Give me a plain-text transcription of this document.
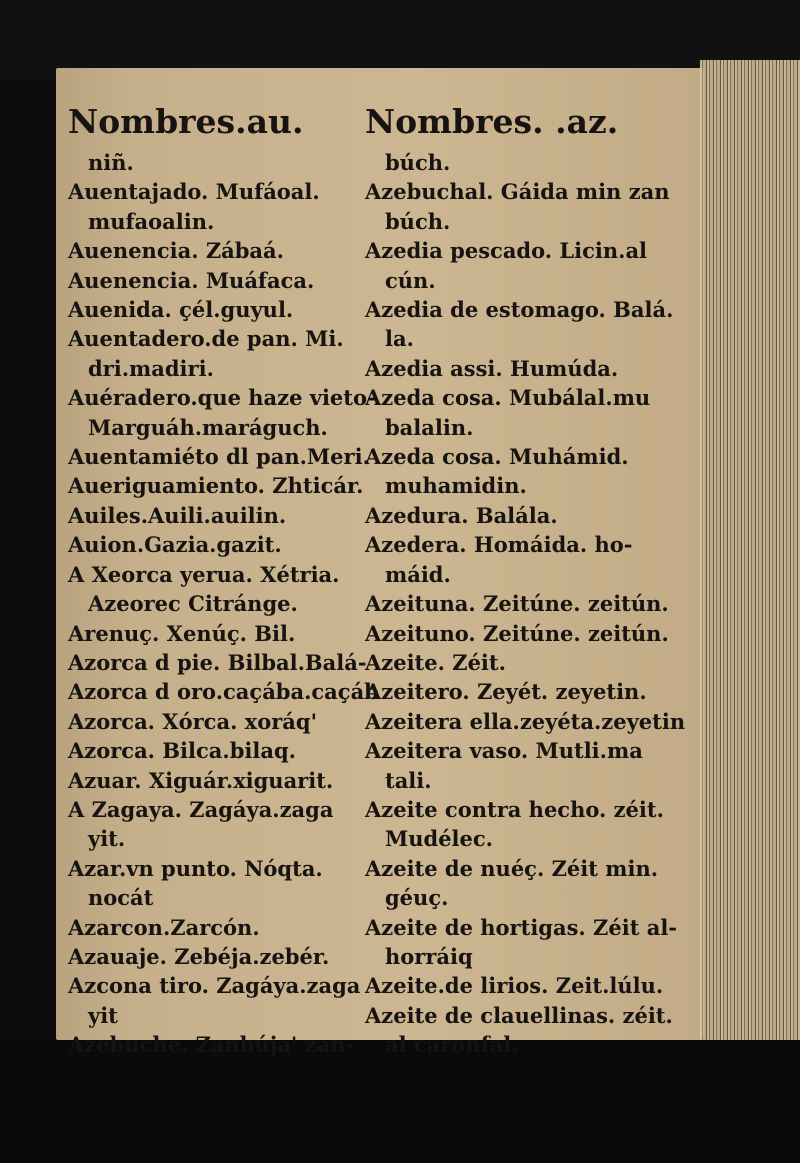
Nombres.au.
niñ.
Auentajado. Mufáoal.
mufaoalin.
Auenencia. Zábaá.
Auenencia. Muáfaca.
Auenida. çél.guyul.
Auentadero.de pan. Mi.
dri.madiri.
Auéradero.que haze vieto-
Marguáh.maráguch.
Auentamiéto dl pan.Meri.
Aueriguamiento. Zhticár.
Auiles.Auili.auilin.
Auion.Gazia.gazit.
A Xeorca yerua. Xétria.
Azeorec Citránge.
Arenuç. Xenúç. Bil.
Azorca d pie. Bilbal.Balá-
Azorca d oro.caçába.caçáb
Azorca. Xórca. xoráq'
Azorca. Bilca.bilaq.
Azuar. Xiguár.xiguarit.
A Zagaya. Zagáya.zaga
yit.
Azar.vn punto. Nóqta.
nocát
Azarcon.Zarcón.
Azauaje. Zebéja.zebér.
Azcona tiro. Zagáya.zaga
yit
Azebuche. Zanbúja' zan-
Nombres. .az.
búch.
Azebuchal. Gáida min zan
búch.
Azedia pescado. Licin.al
cún.
Azedia de estomago. Balá.
la.
Azedia assi. Humúda.
Azeda cosa. Mubálal.mu
balalin.
Azeda cosa. Muhámid.
muhamidin.
Azedura. Balála.
Azedera. Homáida. ho-
máid.
Azeituna. Zeitúne. zeitún.
Azeituno. Zeitúne. zeitún.
Azeite. Zéit.
Azeitero. Zeyét. zeyetin.
Azeitera ella.zeyéta.zeyetin
Azeitera vaso. Mutli.ma
tali.
Azeite contra hecho. zéit.
Mudélec.
Azeite de nuéç. Zéit min.
géuç.
Azeite de hortigas. Zéit al-
horráiq
Azeite.de lirios. Zeit.lúlu.
Azeite de clauellinas. zéit.
al caronfal.
